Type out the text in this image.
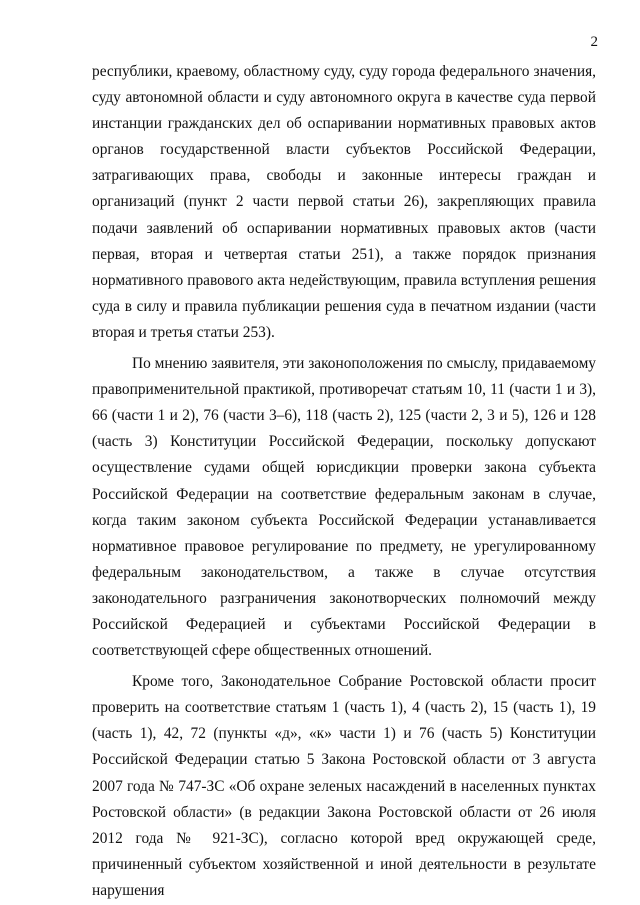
2

республики, краевому, областному суду, суду города федерального значения, суду автономной области и суду автономного округа в качестве суда первой инстанции гражданских дел об оспаривании нормативных правовых актов органов государственной власти субъектов Российской Федерации, затрагивающих права, свободы и законные интересы граждан и организаций (пункт 2 части первой статьи 26), закрепляющих правила подачи заявлений об оспаривании нормативных правовых актов (части первая, вторая и четвертая статьи 251), а также порядок признания нормативного правового акта недействующим, правила вступления решения суда в силу и правила публикации решения суда в печатном издании (части вторая и третья статьи 253).

По мнению заявителя, эти законоположения по смыслу, придаваемому правоприменительной практикой, противоречат статьям 10, 11 (части 1 и 3), 66 (части 1 и 2), 76 (части 3–6), 118 (часть 2), 125 (части 2, 3 и 5), 126 и 128 (часть 3) Конституции Российской Федерации, поскольку допускают осуществление судами общей юрисдикции проверки закона субъекта Российской Федерации на соответствие федеральным законам в случае, когда таким законом субъекта Российской Федерации устанавливается нормативное правовое регулирование по предмету, не урегулированному федеральным законодательством, а также в случае отсутствия законодательного разграничения законотворческих полномочий между Российской Федерацией и субъектами Российской Федерации в соответствующей сфере общественных отношений.

Кроме того, Законодательное Собрание Ростовской области просит проверить на соответствие статьям 1 (часть 1), 4 (часть 2), 15 (часть 1), 19 (часть 1), 42, 72 (пункты «д», «к» части 1) и 76 (часть 5) Конституции Российской Федерации статью 5 Закона Ростовской области от 3 августа 2007 года № 747-ЗС «Об охране зеленых насаждений в населенных пунктах Ростовской области» (в редакции Закона Ростовской области от 26 июля 2012 года № 921-ЗС), согласно которой вред окружающей среде, причиненный субъектом хозяйственной и иной деятельности в результате нарушения
